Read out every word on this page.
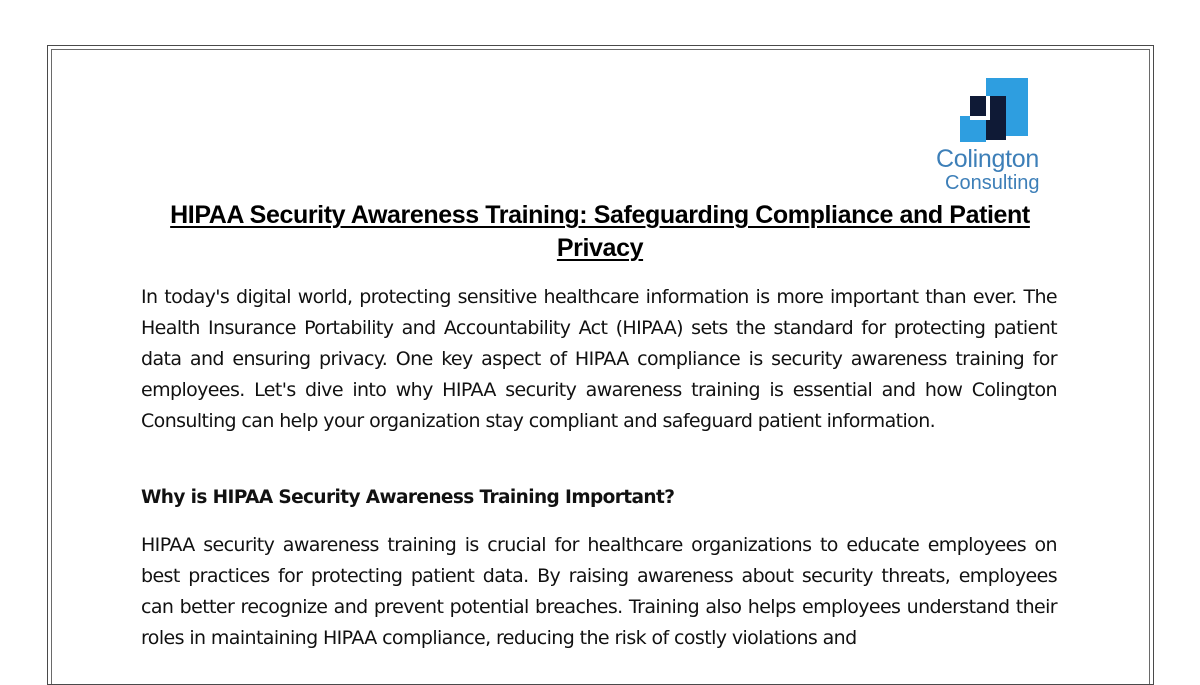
Colington
Consulting
HIPAA Security Awareness Training: Safeguarding Compliance and Patient Privacy
In today's digital world, protecting sensitive healthcare information is more important than ever. The Health Insurance Portability and Accountability Act (HIPAA) sets the standard for protecting patient data and ensuring privacy. One key aspect of HIPAA compliance is security awareness training for employees. Let's dive into why HIPAA security awareness training is essential and how Colington Consulting can help your organization stay compliant and safeguard patient information.
Why is HIPAA Security Awareness Training Important?
HIPAA security awareness training is crucial for healthcare organizations to educate employees on best practices for protecting patient data. By raising awareness about security threats, employees can better recognize and prevent potential breaches. Training also helps employees understand their roles in maintaining HIPAA compliance, reducing the risk of costly violations and
